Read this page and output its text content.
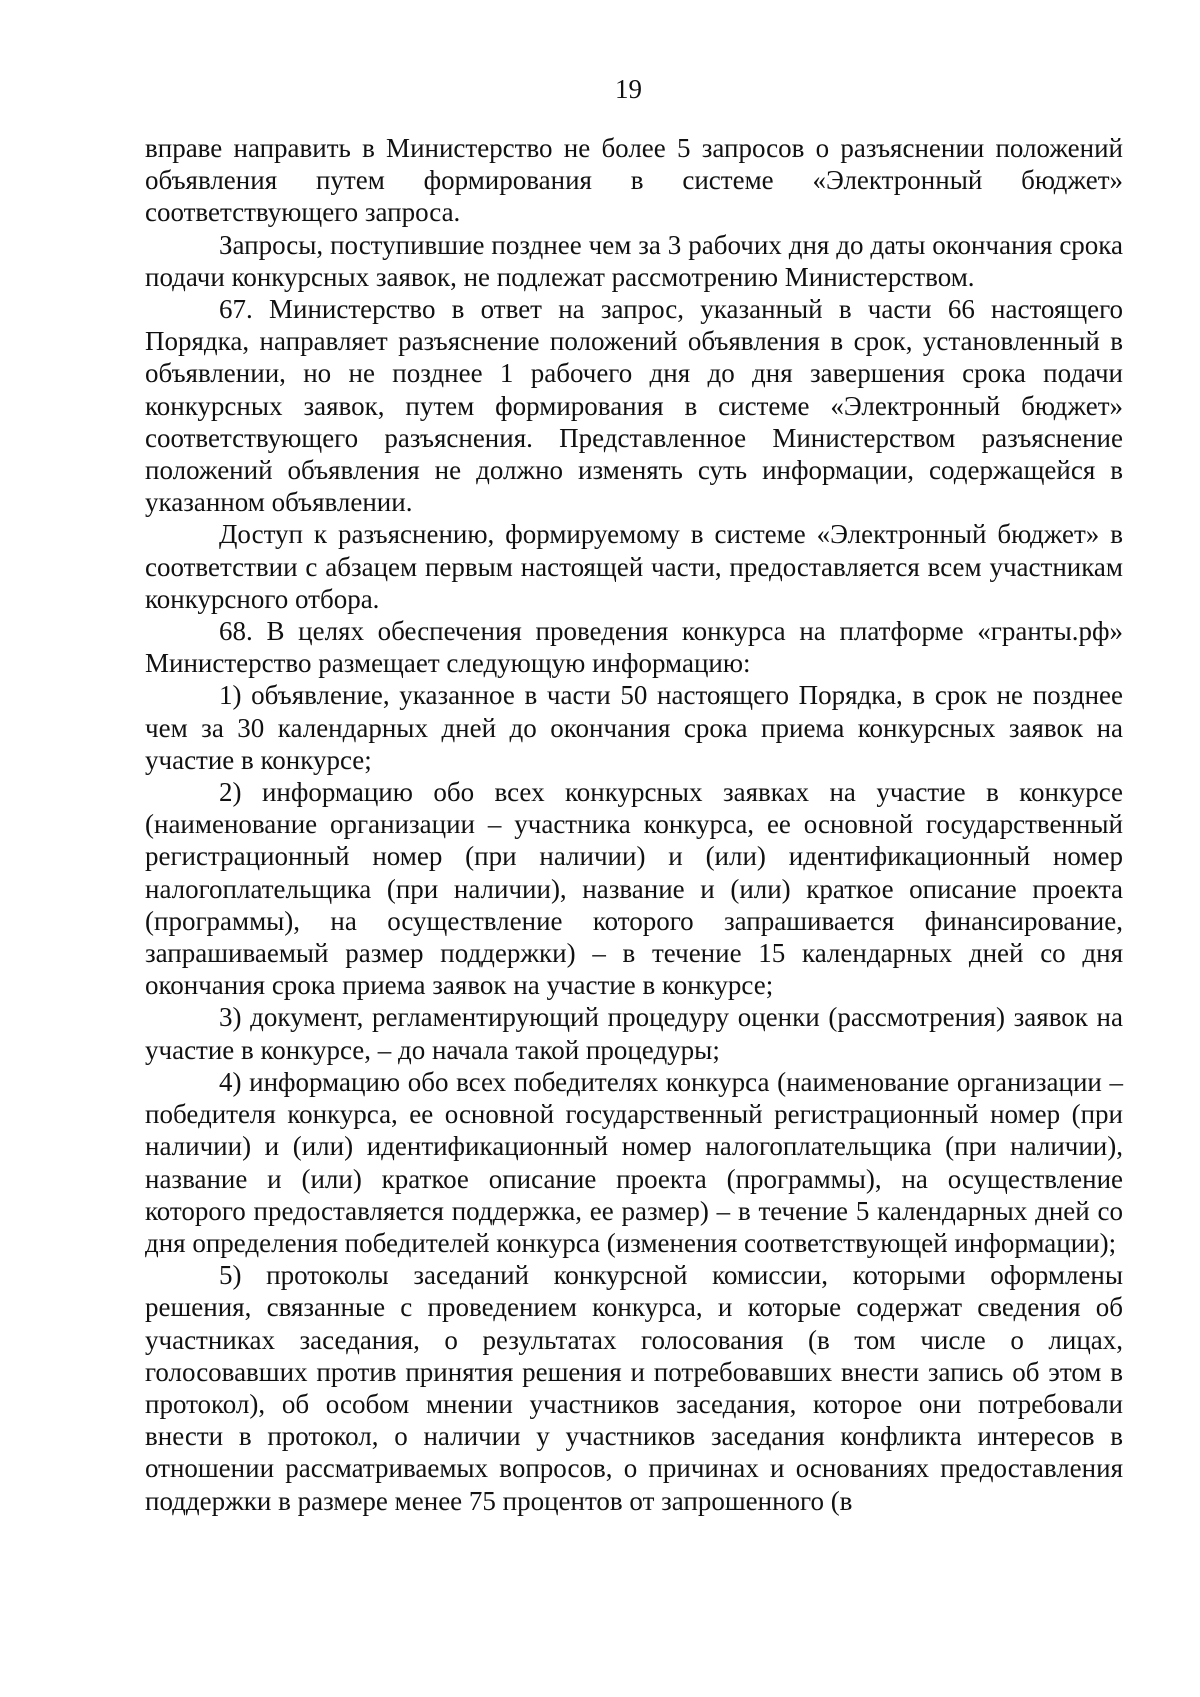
19

вправе направить в Министерство не более 5 запросов о разъяснении положений объявления путем формирования в системе «Электронный бюджет» соответствующего запроса.

Запросы, поступившие позднее чем за 3 рабочих дня до даты окончания срока подачи конкурсных заявок, не подлежат рассмотрению Министерством.

67. Министерство в ответ на запрос, указанный в части 66 настоящего Порядка, направляет разъяснение положений объявления в срок, установленный в объявлении, но не позднее 1 рабочего дня до дня завершения срока подачи конкурсных заявок, путем формирования в системе «Электронный бюджет» соответствующего разъяснения. Представленное Министерством разъяснение положений объявления не должно изменять суть информации, содержащейся в указанном объявлении.

Доступ к разъяснению, формируемому в системе «Электронный бюджет» в соответствии с абзацем первым настоящей части, предоставляется всем участникам конкурсного отбора.

68. В целях обеспечения проведения конкурса на платформе «гранты.рф» Министерство размещает следующую информацию:

1) объявление, указанное в части 50 настоящего Порядка, в срок не позднее чем за 30 календарных дней до окончания срока приема конкурсных заявок на участие в конкурсе;

2) информацию обо всех конкурсных заявках на участие в конкурсе (наименование организации – участника конкурса, ее основной государственный регистрационный номер (при наличии) и (или) идентификационный номер налогоплательщика (при наличии), название и (или) краткое описание проекта (программы), на осуществление которого запрашивается финансирование, запрашиваемый размер поддержки) – в течение 15 календарных дней со дня окончания срока приема заявок на участие в конкурсе;

3) документ, регламентирующий процедуру оценки (рассмотрения) заявок на участие в конкурсе, – до начала такой процедуры;

4) информацию обо всех победителях конкурса (наименование организации – победителя конкурса, ее основной государственный регистрационный номер (при наличии) и (или) идентификационный номер налогоплательщика (при наличии), название и (или) краткое описание проекта (программы), на осуществление которого предоставляется поддержка, ее размер) – в течение 5 календарных дней со дня определения победителей конкурса (изменения соответствующей информации);

5) протоколы заседаний конкурсной комиссии, которыми оформлены решения, связанные с проведением конкурса, и которые содержат сведения об участниках заседания, о результатах голосования (в том числе о лицах, голосовавших против принятия решения и потребовавших внести запись об этом в протокол), об особом мнении участников заседания, которое они потребовали внести в протокол, о наличии у участников заседания конфликта интересов в отношении рассматриваемых вопросов, о причинах и основаниях предоставления поддержки в размере менее 75 процентов от запрошенного (в
